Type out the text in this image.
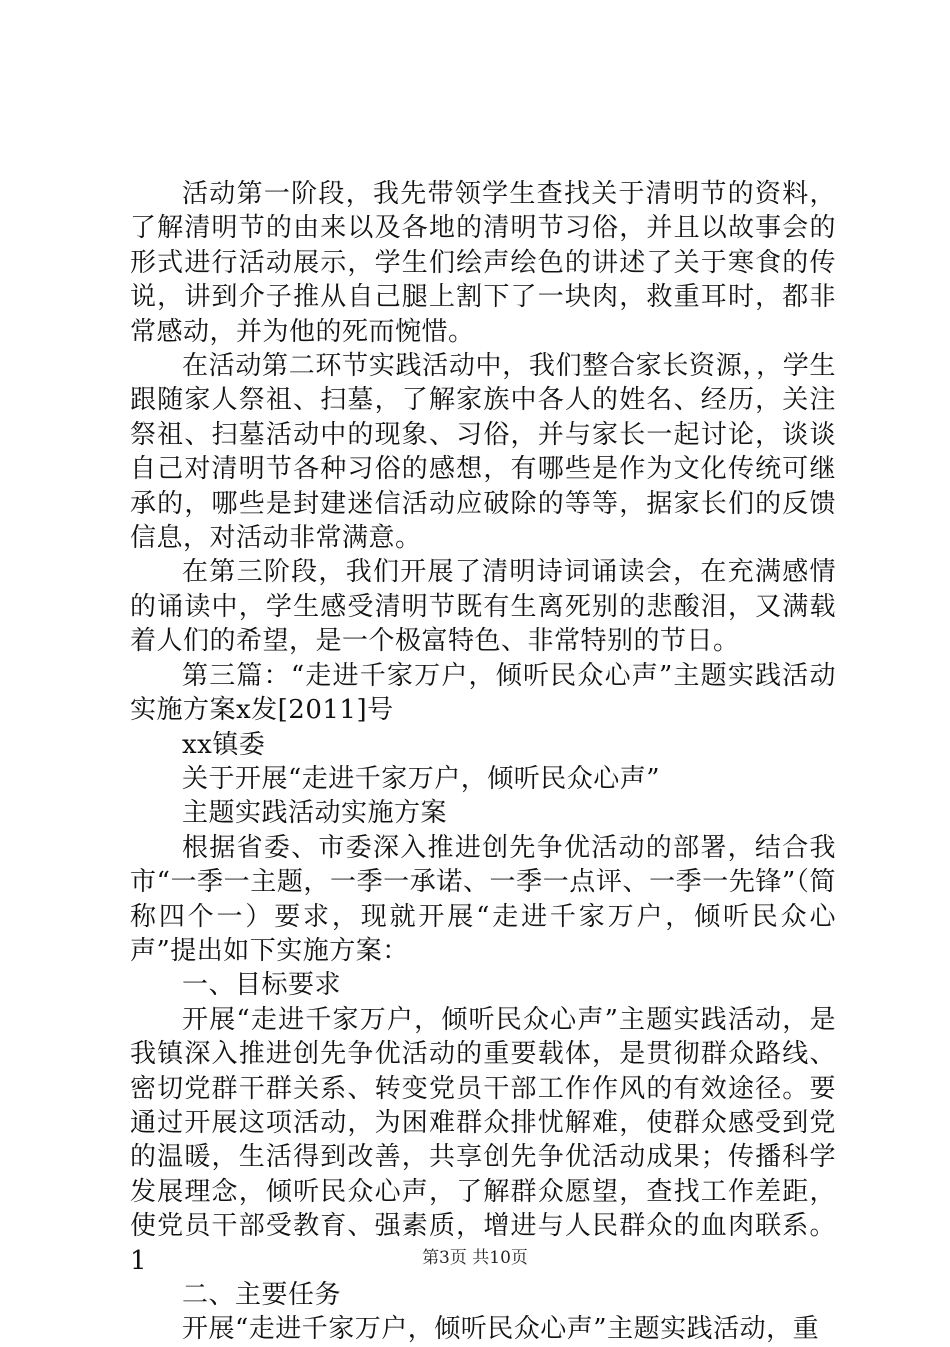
活动第一阶段，我先带领学生查找关于清明节的资料，了解清明节的由来以及各地的清明节习俗，并且以故事会的形式进行活动展示，学生们绘声绘色的讲述了关于寒食的传说，讲到介子推从自己腿上割下了一块肉，救重耳时，都非常感动，并为他的死而惋惜。

在活动第二环节实践活动中，我们整合家长资源，，学生跟随家人祭祖、扫墓，了解家族中各人的姓名、经历，关注祭祖、扫墓活动中的现象、习俗，并与家长一起讨论，谈谈自己对清明节各种习俗的感想，有哪些是作为文化传统可继承的，哪些是封建迷信活动应破除的等等，据家长们的反馈信息，对活动非常满意。

在第三阶段，我们开展了清明诗词诵读会，在充满感情的诵读中，学生感受清明节既有生离死别的悲酸泪，又满载着人们的希望，是一个极富特色、非常特别的节日。

第三篇：“走进千家万户，倾听民众心声”主题实践活动实施方案x发[2011]号

xx镇委

关于开展“走进千家万户，倾听民众心声”

主题实践活动实施方案

根据省委、市委深入推进创先争优活动的部署，结合我市“一季一主题，一季一承诺、一季一点评、一季一先锋”（简称四个一）要求，现就开展“走进千家万户，倾听民众心声”提出如下实施方案：

一、目标要求

开展“走进千家万户，倾听民众心声”主题实践活动，是我镇深入推进创先争优活动的重要载体，是贯彻群众路线、密切党群干群关系、转变党员干部工作作风的有效途径。要通过开展这项活动，为困难群众排忧解难，使群众感受到党的温暖，生活得到改善，共享创先争优活动成果；传播科学发展理念，倾听民众心声，了解群众愿望，查找工作差距，使党员干部受教育、强素质，增进与人民群众的血肉联系。1

二、主要任务

开展“走进千家万户，倾听民众心声”主题实践活动，重

第3页 共10页
